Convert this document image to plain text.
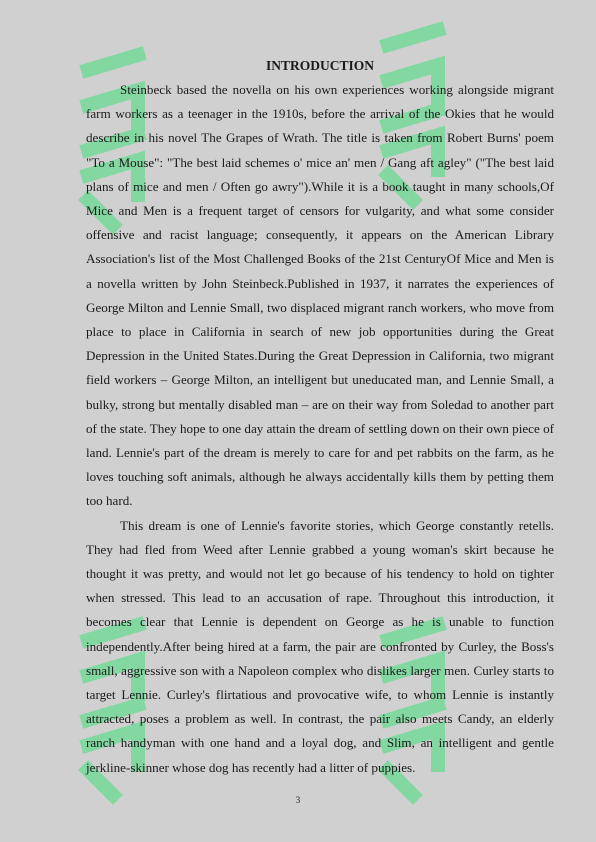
INTRODUCTION

Steinbeck based the novella on his own experiences working alongside migrant farm workers as a teenager in the 1910s, before the arrival of the Okies that he would describe in his novel The Grapes of Wrath. The title is taken from Robert Burns' poem "To a Mouse": "The best laid schemes o' mice an' men / Gang aft agley" ("The best laid plans of mice and men / Often go awry").While it is a book taught in many schools,Of Mice and Men is a frequent target of censors for vulgarity, and what some consider offensive and racist language; consequently, it appears on the American Library Association's list of the Most Challenged Books of the 21st CenturyOf Mice and Men is a novella written by John Steinbeck.Published in 1937, it narrates the experiences of George Milton and Lennie Small, two displaced migrant ranch workers, who move from place to place in California in search of new job opportunities during the Great Depression in the United States.During the Great Depression in California, two migrant field workers – George Milton, an intelligent but uneducated man, and Lennie Small, a bulky, strong but mentally disabled man – are on their way from Soledad to another part of the state. They hope to one day attain the dream of settling down on their own piece of land. Lennie's part of the dream is merely to care for and pet rabbits on the farm, as he loves touching soft animals, although he always accidentally kills them by petting them too hard.

This dream is one of Lennie's favorite stories, which George constantly retells. They had fled from Weed after Lennie grabbed a young woman's skirt because he thought it was pretty, and would not let go because of his tendency to hold on tighter when stressed. This lead to an accusation of rape. Throughout this introduction, it becomes clear that Lennie is dependent on George as he is unable to function independently.After being hired at a farm, the pair are confronted by Curley, the Boss's small, aggressive son with a Napoleon complex who dislikes larger men. Curley starts to target Lennie. Curley's flirtatious and provocative wife, to whom Lennie is instantly attracted, poses a problem as well. In contrast, the pair also meets Candy, an elderly ranch handyman with one hand and a loyal dog, and Slim, an intelligent and gentle jerkline-skinner whose dog has recently had a litter of puppies.

3
